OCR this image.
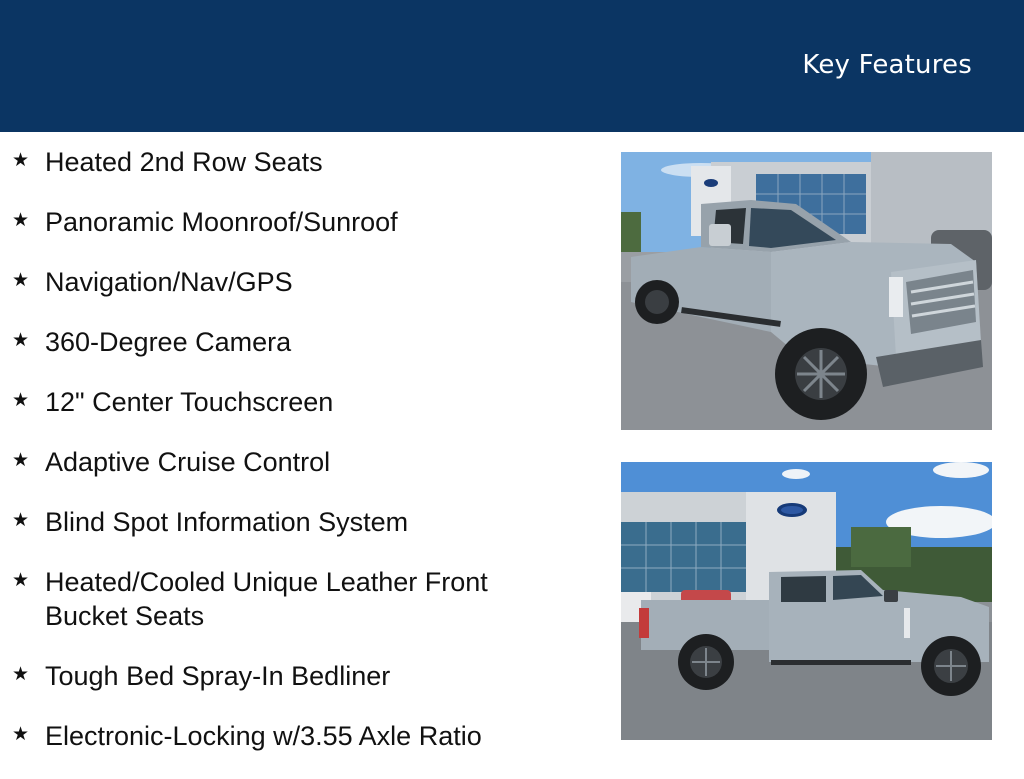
Key Features
★ Heated 2nd Row Seats
★ Panoramic Moonroof/Sunroof
★ Navigation/Nav/GPS
★ 360-Degree Camera
★ 12" Center Touchscreen
★ Adaptive Cruise Control
★ Blind Spot Information System
★ Heated/Cooled Unique Leather Front Bucket Seats
★ Tough Bed Spray-In Bedliner
★ Electronic-Locking w/3.55 Axle Ratio
